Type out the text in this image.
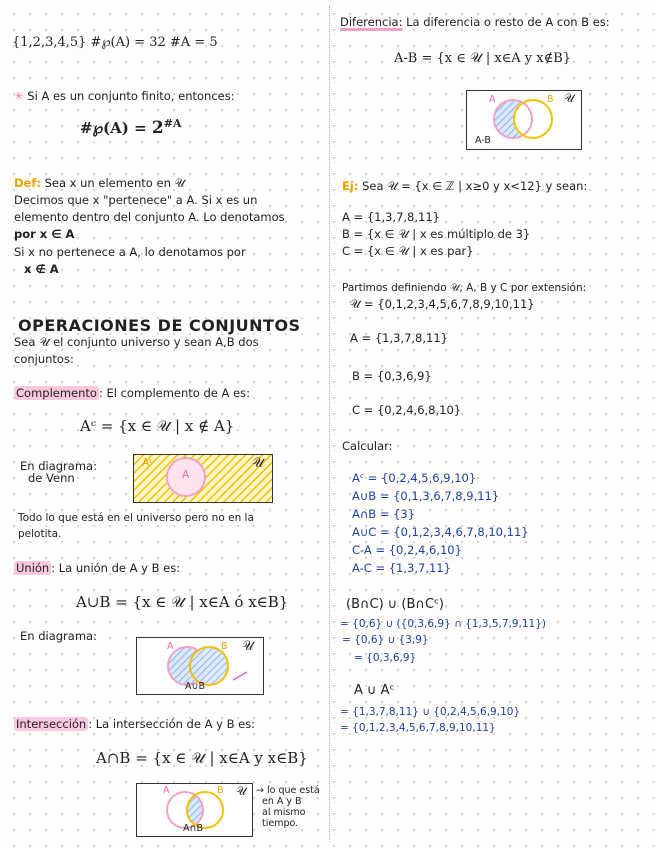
{1,2,3,4,5} #℘(A) = 32 #A = 5
✳ Si A es un conjunto finito, entonces:
#℘(A) = $2^{\#A}$
Def: Sea x un elemento en 𝒰
Decimos que x "pertenece" a A. Si x es un
elemento dentro del conjunto A. Lo denotamos
por x ∈ A
Si x no pertenece a A, lo denotamos por
x ∉ A
OPERACIONES DE CONJUNTOS
Sea 𝒰 el conjunto universo y sean A,B dos
conjuntos:
Complemento : El complemento de A es:
Aᶜ = {x ∈ 𝒰 | x ∉ A}
En diagrama:
de Venn
Aᶜ
A
𝒰
Todo lo que está en el universo pero no en la
pelotita.
Unión : La unión de A y B es:
A∪B = {x ∈ 𝒰 | x∈A ó x∈B}
En diagrama:
A	B 𝒰
A∪B
Intersección : La intersección de A y B es:
A∩B = {x ∈ 𝒰 | x∈A y x∈B}
A	B 𝒰
A∩B
→ lo que está
en A y B
al mismo
tiempo.
Diferencia: La diferencia o resto de A con B es:
A-B = {x ∈ 𝒰 | x∈A y x∉B}
A	B 𝒰
A-B
Ej: Sea 𝒰 = {x ∈ ℤ | x≥0 y x<12} y sean:
A = {1,3,7,8,11}
B = {x ∈ 𝒰 | x es múltiplo de 3}
C = {x ∈ 𝒰 | x es par}
Partimos definiendo 𝒰, A, B y C por extensión:
𝒰 = {0,1,2,3,4,5,6,7,8,9,10,11}
A = {1,3,7,8,11}
B = {0,3,6,9}
C = {0,2,4,6,8,10}
Calcular:
Aᶜ = {0,2,4,5,6,9,10}
A∪B = {0,1,3,6,7,8,9,11}
A∩B = {3}
A∪C = {0,1,2,3,4,6,7,8,10,11}
C-A = {0,2,4,6,10}
A-C = {1,3,7,11}
(B∩C) ∪ (B∩Cᶜ)
= {0,6} ∪ ({0,3,6,9} ∩ {1,3,5,7,9,11})
= {0,6} ∪ {3,9}
= {0,3,6,9}
A ∪ Aᶜ
= {1,3,7,8,11} ∪ {0,2,4,5,6,9,10}
= {0,1,2,3,4,5,6,7,8,9,10,11}
